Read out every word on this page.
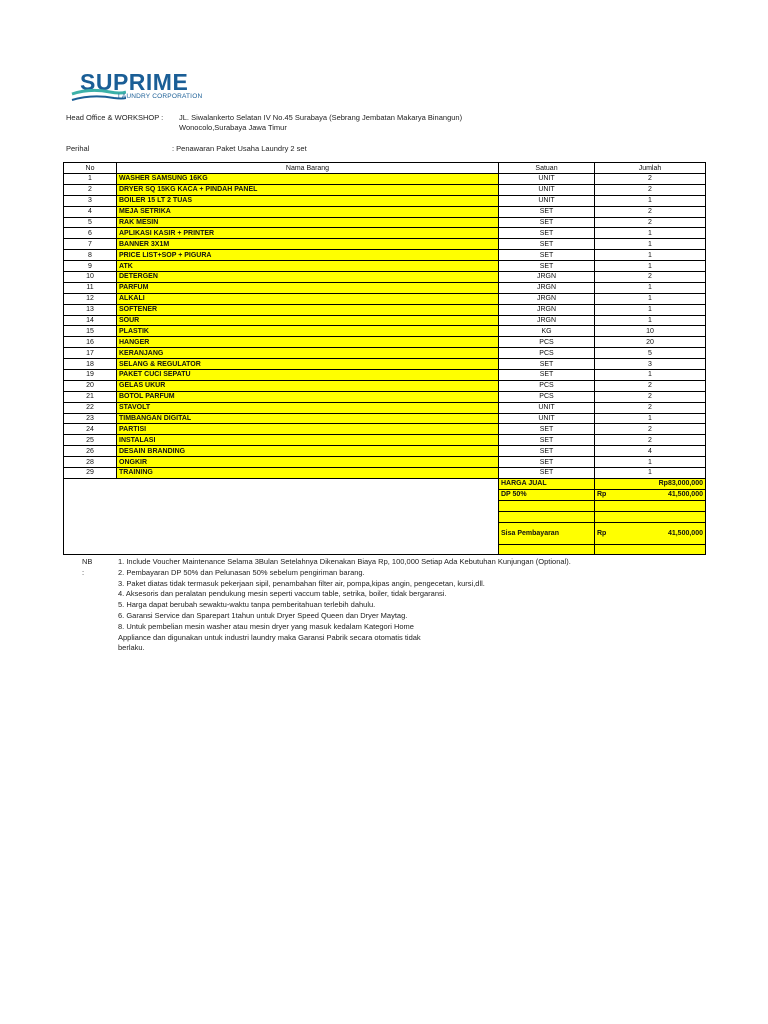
SUPRIME
LAUNDRY CORPORATION
Head Office & WORKSHOP : JL. Siwalankerto Selatan IV No.45 Surabaya (Sebrang Jembatan Makarya Binangun)
Wonocolo,Surabaya Jawa Timur
Perihal	: Penawaran Paket Usaha Laundry 2 set
No	Nama Barang	Satuan	Jumlah
1	WASHER SAMSUNG 16KG	UNIT	2
2	DRYER SQ 15KG KACA + PINDAH PANEL	UNIT	2
3	BOILER 15 LT 2 TUAS	UNIT	1
4	MEJA SETRIKA	SET	2
5	RAK MESIN	SET	2
6	APLIKASI KASIR + PRINTER	SET	1
7	BANNER 3X1M	SET	1
8	PRICE LIST+SOP + PIGURA	SET	1
9	ATK	SET	1
10	DETERGEN	JRGN	2
11	PARFUM	JRGN	1
12	ALKALI	JRGN	1
13	SOFTENER	JRGN	1
14	SOUR	JRGN	1
15	PLASTIK	KG	10
16	HANGER	PCS	20
17	KERANJANG	PCS	5
18	SELANG & REGULATOR	SET	3
19	PAKET CUCI SEPATU	SET	1
20	GELAS UKUR	PCS	2
21	BOTOL PARFUM	PCS	2
22	STAVOLT	UNIT	2
23	TIMBANGAN DIGITAL	UNIT	1
24	PARTISI	SET	2
25	INSTALASI	SET	2
26	DESAIN BRANDING	SET	4
28	ONGKIR	SET	1
29	TRAINING	SET	1
		HARGA JUAL	Rp83,000,000
		DP 50%	Rp 41,500,000

		Sisa Pembayaran	Rp 41,500,000

NB :
1. Include Voucher Maintenance Selama 3Bulan Setelahnya Dikenakan Biaya Rp, 100,000 Setiap Ada Kebutuhan Kunjungan (Optional).
2. Pembayaran DP 50% dan Pelunasan 50% sebelum pengiriman barang.
3. Paket diatas tidak termasuk pekerjaan sipil, penambahan filter air, pompa,kipas angin, pengecetan, kursi,dll.
4. Aksesoris dan peralatan pendukung mesin seperti vaccum table, setrika, boiler, tidak bergaransi.
5. Harga dapat berubah sewaktu-waktu tanpa pemberitahuan terlebih dahulu.
6. Garansi Service dan Sparepart 1tahun untuk Dryer Speed Queen dan Dryer Maytag.
8. Untuk pembelian mesin washer atau mesin dryer yang masuk kedalam Kategori Home
Appliance dan digunakan untuk industri laundry maka Garansi Pabrik secara otomatis tidak
berlaku.
